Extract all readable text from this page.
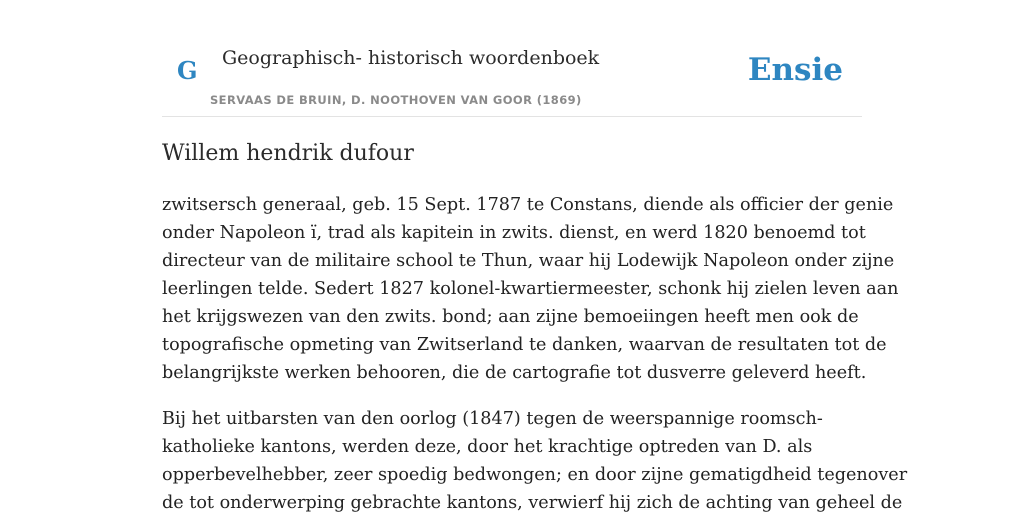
G Geographisch- historisch woordenboek
SERVAAS DE BRUIN, D. NOOTHOVEN VAN GOOR (1869)
Ensie
Willem hendrik dufour

zwitsersch generaal, geb. 15 Sept. 1787 te Constans, diende als officier der genie
onder Napoleon ï, trad als kapitein in zwits. dienst, en werd 1820 benoemd tot
directeur van de militaire school te Thun, waar hij Lodewijk Napoleon onder zijne
leerlingen telde. Sedert 1827 kolonel-kwartiermeester, schonk hij zielen leven aan
het krijgswezen van den zwits. bond; aan zijne bemoeiingen heeft men ook de
topografische opmeting van Zwitserland te danken, waarvan de resultaten tot de
belangrijkste werken behooren, die de cartografie tot dusverre geleverd heeft.

Bij het uitbarsten van den oorlog (1847) tegen de weerspannige roomsch-
katholieke kantons, werden deze, door het krachtige optreden van D. als
opperbevelhebber, zeer spoedig bedwongen; en door zijne gematigdheid tegenover
de tot onderwerping gebrachte kantons, verwierf hij zich de achting van geheel de
